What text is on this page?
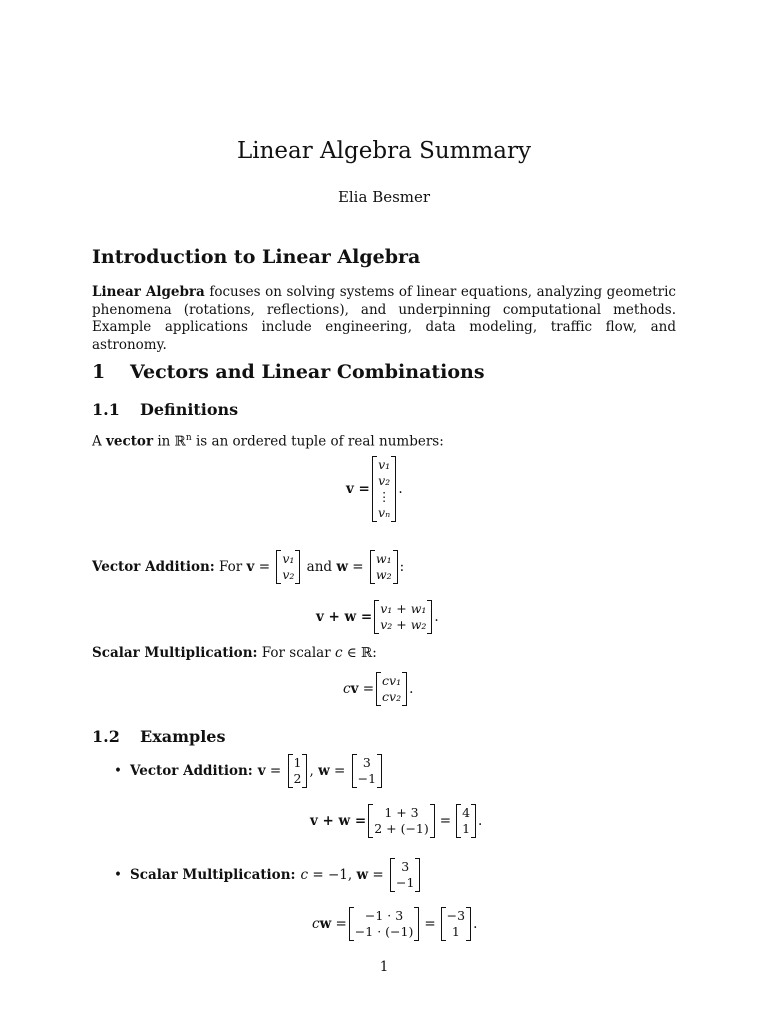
Linear Algebra Summary
Elia Besmer
Introduction to Linear Algebra
Linear Algebra focuses on solving systems of linear equations, analyzing geometric phenomena (rotations, reflections), and underpinning computational methods. Example applications include engineering, data modeling, traffic flow, and astronomy.
1 Vectors and Linear Combinations
1.1 Definitions
A vector in ℝ$^n$ is an ordered tuple of real numbers:
v =
v₁
v₂
⋮
vₙ
.
Vector Addition: For v =
v₁
v₂ and w =
w₁
w₂ :
v + w =
v₁ + w₁
v₂ + w₂ .
Scalar Multiplication: For scalar c ∈ ℝ:
c v =
cv₁
cv₂ .
1.2 Examples
• Vector Addition: v =
1
2 , w =
3
−1
v + w =
1 + 3
2 + (−1) =
4
1 .
• Scalar Multiplication: c = −1, w =
3
−1
c w =
−1 · 3
−1 · (−1) =
−3
1 .
1
